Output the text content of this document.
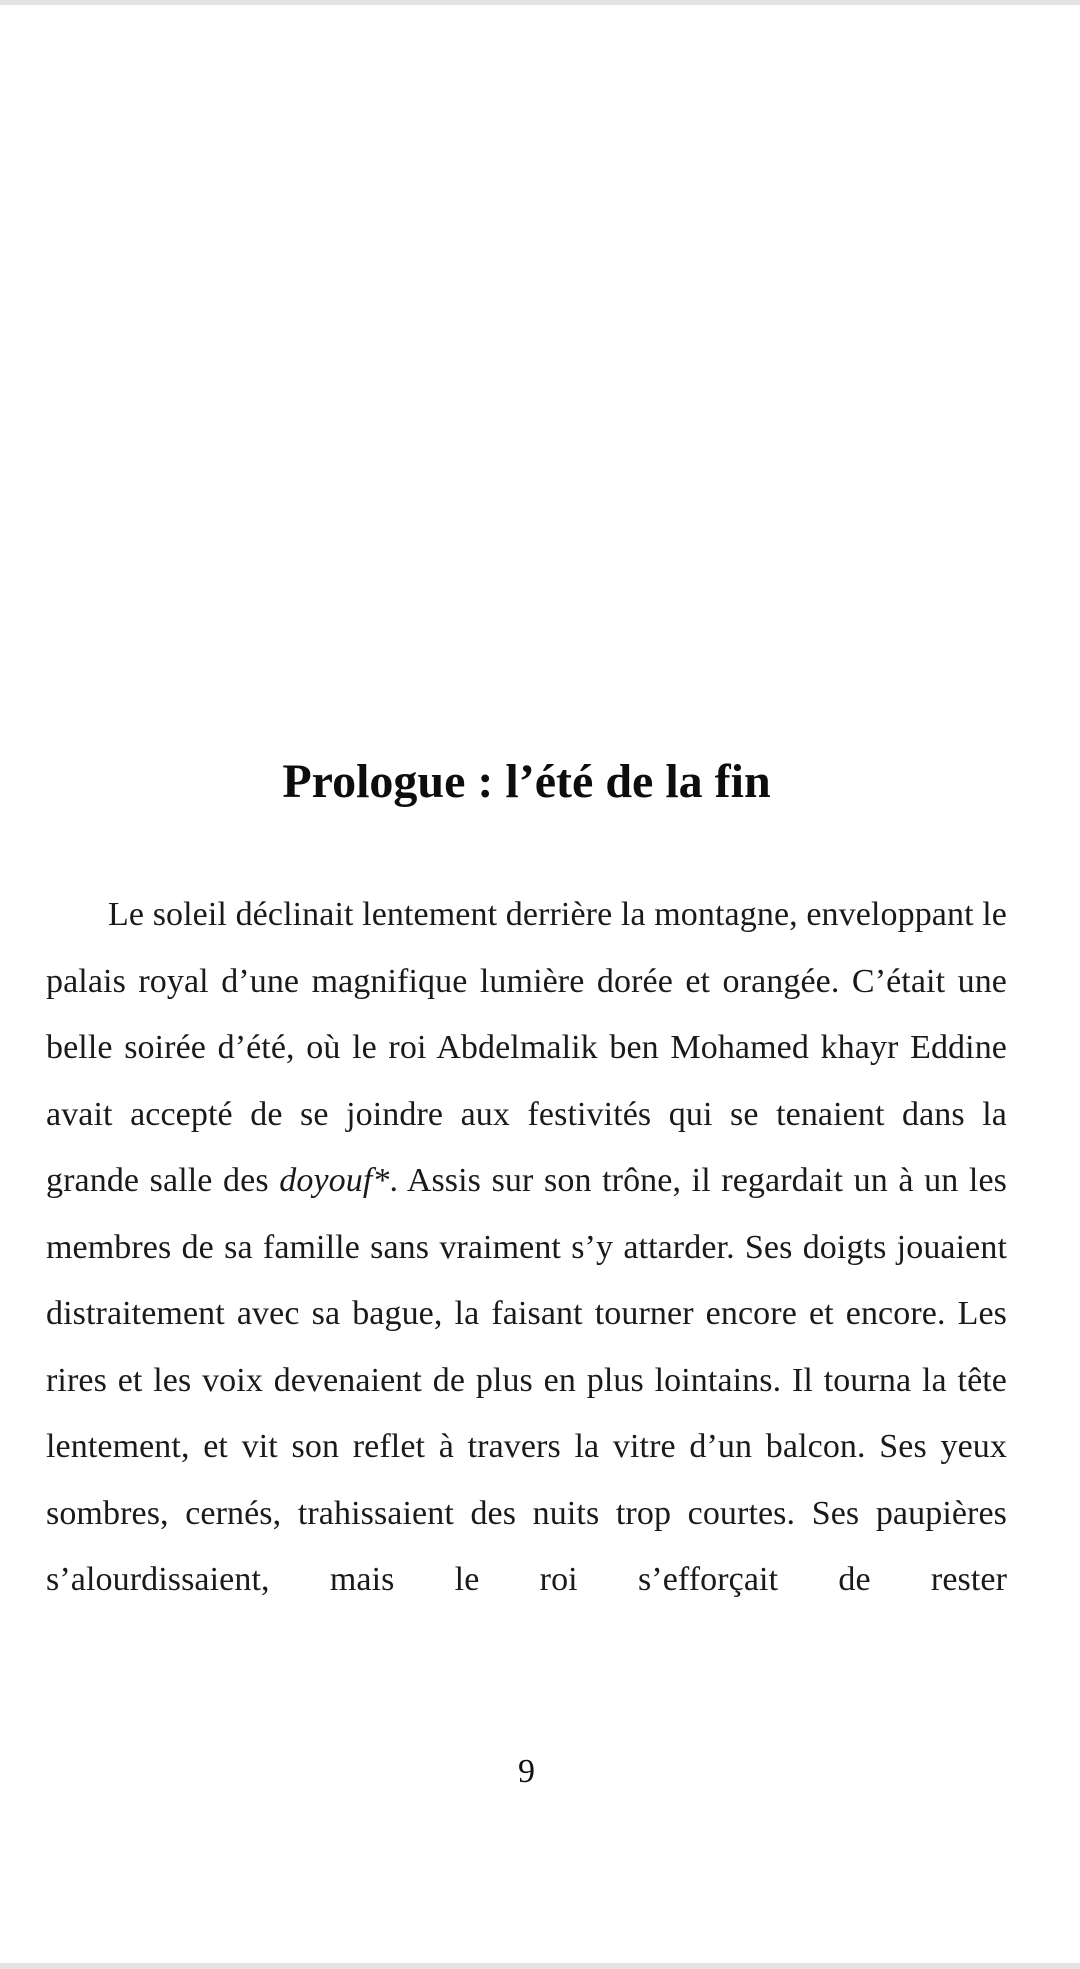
Prologue : l’été de la fin

Le soleil déclinait lentement derrière la montagne, enveloppant le palais royal d’une magnifique lumière dorée et orangée. C’était une belle soirée d’été, où le roi Abdelmalik ben Mohamed khayr Eddine avait accepté de se joindre aux festivités qui se tenaient dans la grande salle des doyouf*. Assis sur son trône, il regardait un à un les membres de sa famille sans vraiment s’y attarder. Ses doigts jouaient distraitement avec sa bague, la faisant tourner encore et encore. Les rires et les voix devenaient de plus en plus lointains. Il tourna la tête lentement, et vit son reflet à travers la vitre d’un balcon. Ses yeux sombres, cernés, trahissaient des nuits trop courtes. Ses paupières s’alourdissaient, mais le roi s’efforçait de rester

9
